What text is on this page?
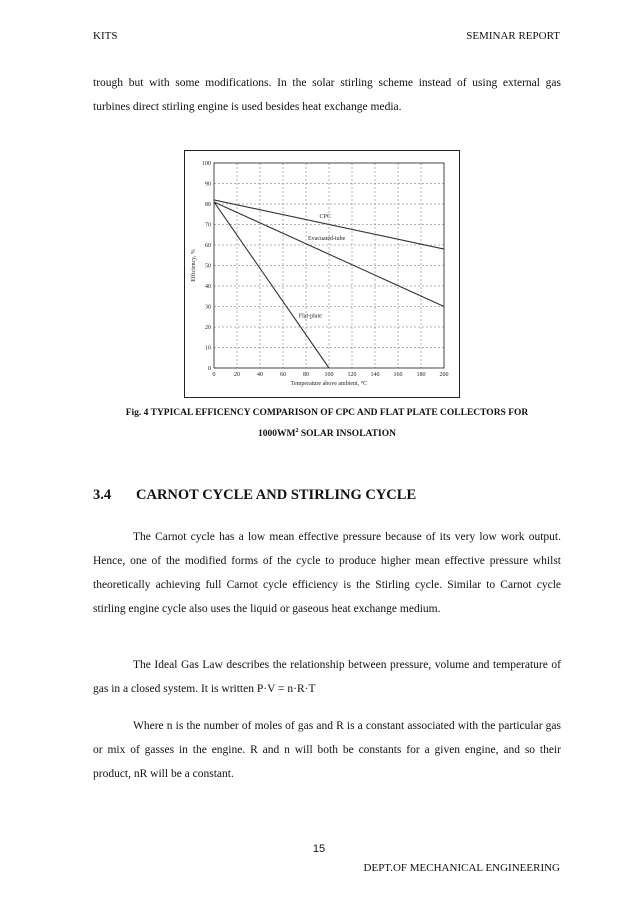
KITS	SEMINAR REPORT

trough but with some modifications. In the solar stirling scheme instead of using external gas turbines direct stirling engine is used besides heat exchange media.

0	20	40	60	80	100 120 140 160 180 200
0
10
20
30
40
50
60
70
80
90
100
CPC
Evacuated-tube
Flat-plate
Temperature above ambient, °C
Efficiency, %

Fig. 4 TYPICAL EFFICENCY COMPARISON OF CPC AND FLAT PLATE COLLECTORS FOR
$1000WM^2$ SOLAR INSOLATION

3.4 CARNOT CYCLE AND STIRLING CYCLE

The Carnot cycle has a low mean effective pressure because of its very low work output. Hence, one of the modified forms of the cycle to produce higher mean effective pressure whilst theoretically achieving full Carnot cycle efficiency is the Stirling cycle. Similar to Carnot cycle stirling engine cycle also uses the liquid or gaseous heat exchange medium.

The Ideal Gas Law describes the relationship between pressure, volume and temperature of gas in a closed system. It is written P·V = n·R·T

Where n is the number of moles of gas and R is a constant associated with the particular gas or mix of gasses in the engine. R and n will both be constants for a given engine, and so their product, nR will be a constant.

15
DEPT.OF MECHANICAL ENGINEERING
